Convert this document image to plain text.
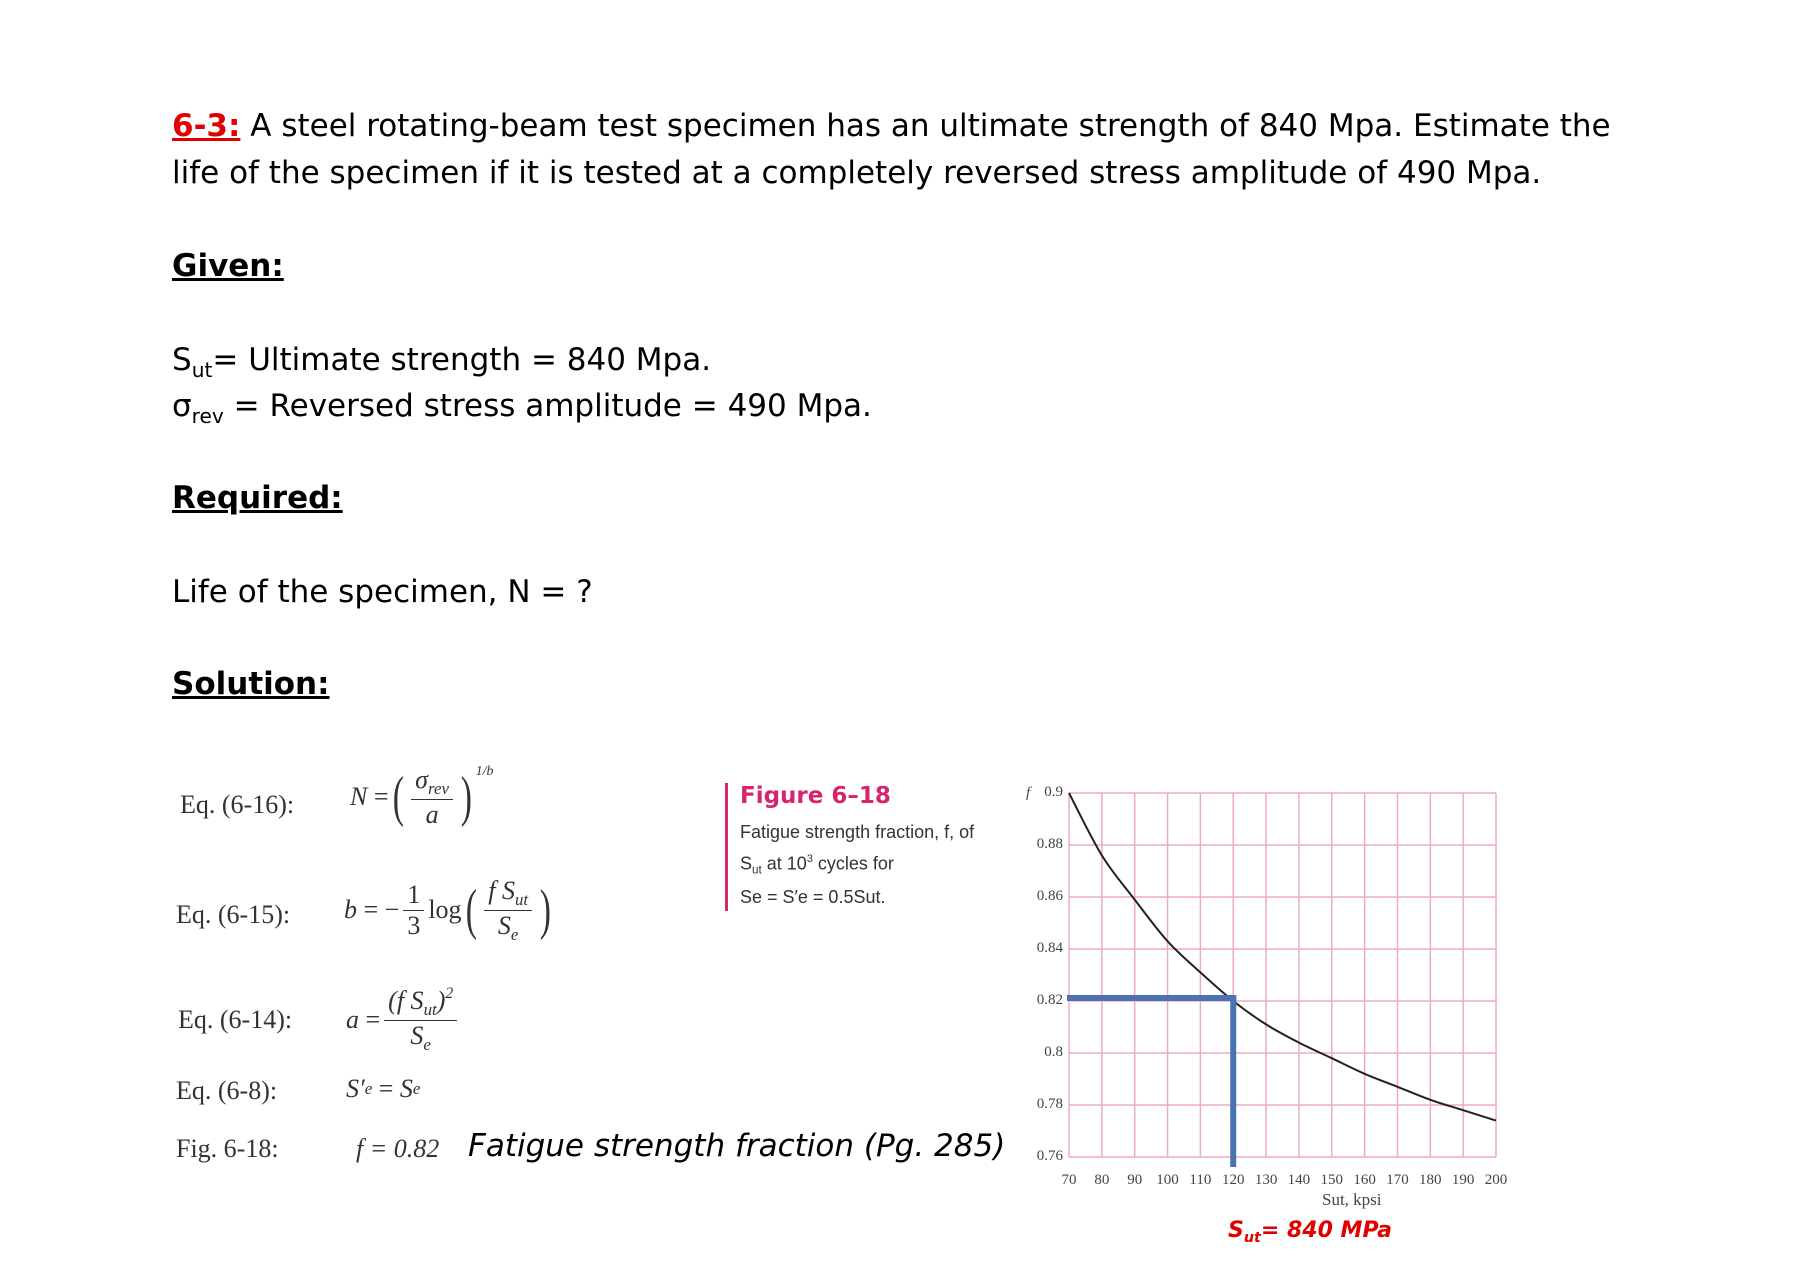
6-3: A steel rotating-beam test specimen has an ultimate strength of 840 Mpa. Estimate the
life of the specimen if it is tested at a completely reversed stress amplitude of 490 Mpa.
Given:
$S_{ut}=$ Ultimate strength = 840 Mpa.
$\sigma_{rev}$ = Reversed stress amplitude = 490 Mpa.
Required:
Life of the specimen, N = ?
Solution:
Eq. (6-16): N = ( $\frac{\sigma_{rev}}{a}$ ) $^{1/b}$
Eq. (6-15): b = − $\frac{1}{3}$ log ( $\frac{f S_{ut}}{S_e}$ )
Eq. (6-14): $a = \frac{(f S_{ut})^2}{S_e}$
Eq. (6-8):	S′ e = S e
Fig. 6-18:	f = 0.82 Fatigue strength fraction (Pg. 285)
Figure 6–18
Fatigue strength fraction, f, of
$S_{ut}$ at $10^3$ cycles for
Se = S′e = 0.5Sut.
70 80 90 100 110 120 130 140 150 160 170 180 190 200
0.76
0.78
0.8
0.82
0.84
0.86
0.88
0.9
f
Sut, kpsi
$S_{ut}= 840$ MPa
